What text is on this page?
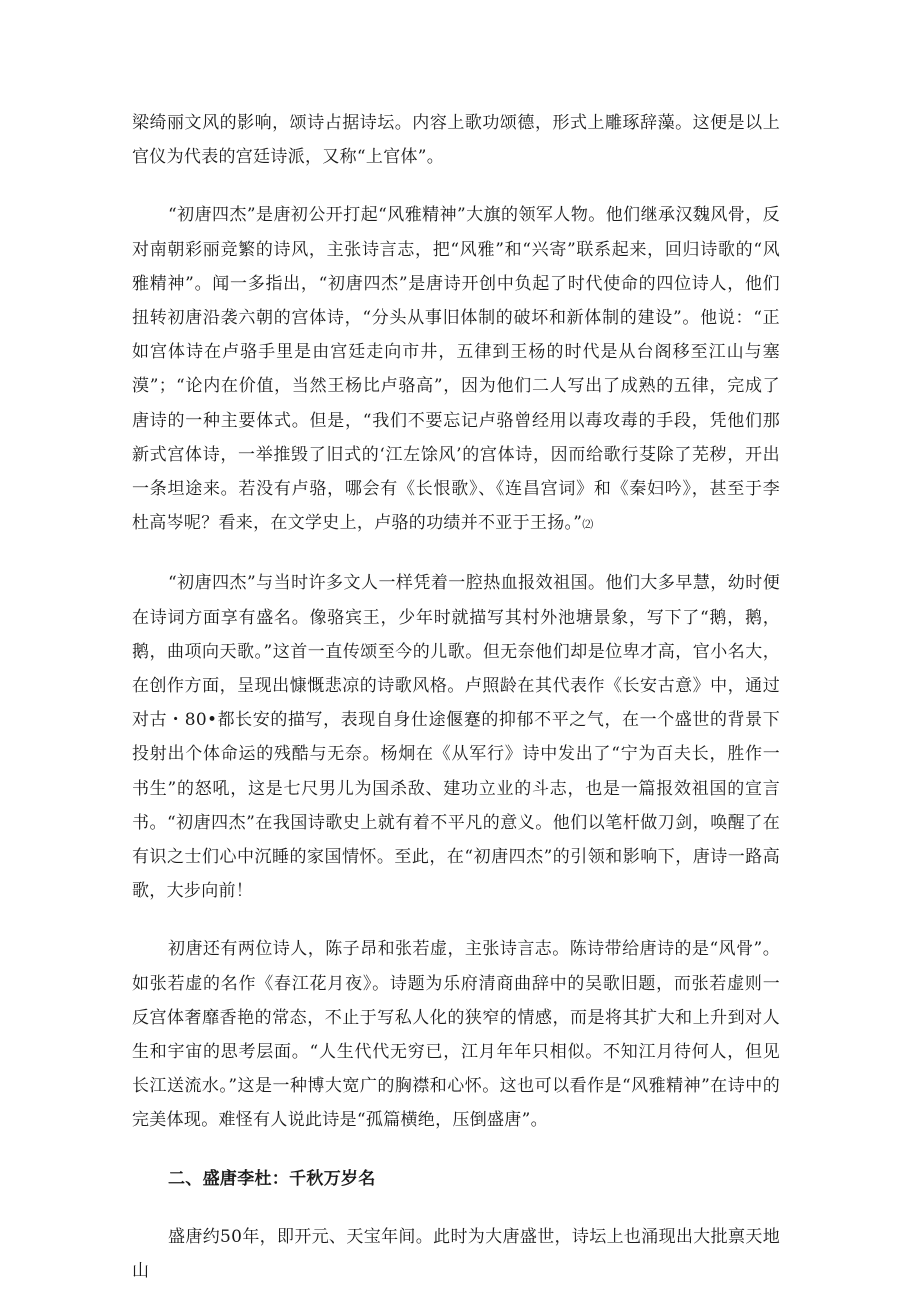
梁绮丽文风的影响，颂诗占据诗坛。内容上歌功颂德，形式上雕琢辞藻。这便是以上官仪为代表的宫廷诗派，又称“上官体”。

“初唐四杰”是唐初公开打起“风雅精神”大旗的领军人物。他们继承汉魏风骨，反对南朝彩丽竞繁的诗风，主张诗言志，把“风雅”和“兴寄”联系起来，回归诗歌的“风雅精神”。闻一多指出，“初唐四杰”是唐诗开创中负起了时代使命的四位诗人，他们扭转初唐沿袭六朝的宫体诗，“分头从事旧体制的破坏和新体制的建设”。他说：“正如宫体诗在卢骆手里是由宫廷走向市井，五律到王杨的时代是从台阁移至江山与塞漠”；“论内在价值，当然王杨比卢骆高”，因为他们二人写出了成熟的五律，完成了唐诗的一种主要体式。但是，“我们不要忘记卢骆曾经用以毒攻毒的手段，凭他们那新式宫体诗，一举推毁了旧式的‘江左馀风’的宫体诗，因而给歌行芟除了芜秽，开出一条坦途来。若没有卢骆，哪会有《长恨歌》、《连昌宫词》和《秦妇吟》，甚至于李杜高岑呢？看来，在文学史上，卢骆的功绩并不亚于王扬。”⑵

“初唐四杰”与当时许多文人一样凭着一腔热血报效祖国。他们大多早慧，幼时便在诗词方面享有盛名。像骆宾王，少年时就描写其村外池塘景象，写下了“鹅，鹅，鹅，曲项向天歌。”这首一直传颂至今的儿歌。但无奈他们却是位卑才高，官小名大，在创作方面，呈现出慷慨悲凉的诗歌风格。卢照龄在其代表作《长安古意》中，通过对古・80•都长安的描写，表现自身仕途偃蹇的抑郁不平之气，在一个盛世的背景下投射出个体命运的残酷与无奈。杨炯在《从军行》诗中发出了“宁为百夫长，胜作一书生”的怒吼，这是七尺男儿为国杀敌、建功立业的斗志，也是一篇报效祖国的宣言书。“初唐四杰”在我国诗歌史上就有着不平凡的意义。他们以笔杆做刀剑，唤醒了在有识之士们心中沉睡的家国情怀。至此，在“初唐四杰”的引领和影响下，唐诗一路高歌，大步向前！

初唐还有两位诗人，陈子昂和张若虚，主张诗言志。陈诗带给唐诗的是“风骨”。如张若虚的名作《春江花月夜》。诗题为乐府清商曲辞中的吴歌旧题，而张若虚则一反宫体奢靡香艳的常态，不止于写私人化的狭窄的情感，而是将其扩大和上升到对人生和宇宙的思考层面。“人生代代无穷已，江月年年只相似。不知江月待何人，但见长江送流水。”这是一种博大宽广的胸襟和心怀。这也可以看作是“风雅精神”在诗中的完美体现。难怪有人说此诗是“孤篇横绝，压倒盛唐”。

二、盛唐李杜：千秋万岁名

盛唐约50年，即开元、天宝年间。此时为大唐盛世，诗坛上也涌现出大批禀天地山
